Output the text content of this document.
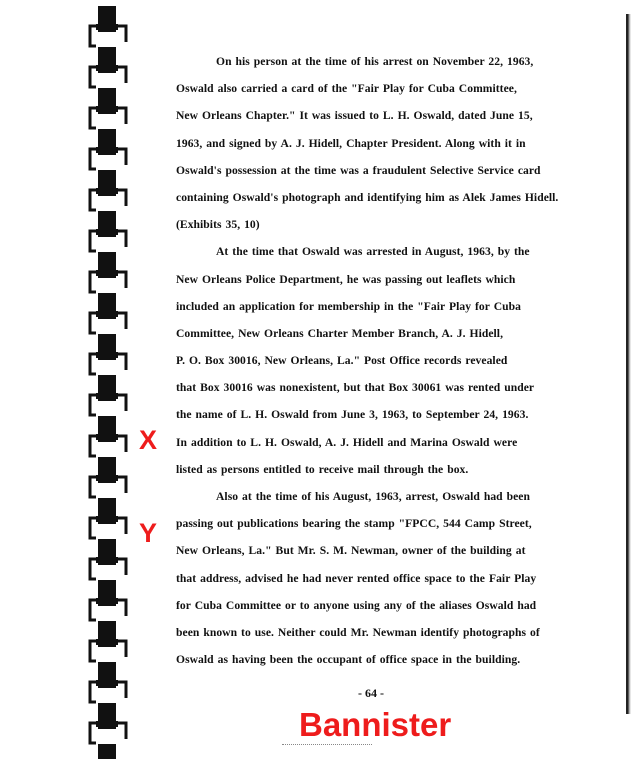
On his person at the time of his arrest on November 22, 1963,
Oswald also carried a card of the "Fair Play for Cuba Committee,
New Orleans Chapter." It was issued to L. H. Oswald, dated June 15,
1963, and signed by A. J. Hidell, Chapter President. Along with it in
Oswald's possession at the time was a fraudulent Selective Service card
containing Oswald's photograph and identifying him as Alek James Hidell.
(Exhibits 35, 10)

At the time that Oswald was arrested in August, 1963, by the
New Orleans Police Department, he was passing out leaflets which
included an application for membership in the "Fair Play for Cuba
Committee, New Orleans Charter Member Branch, A. J. Hidell,
P. O. Box 30016, New Orleans, La." Post Office records revealed
that Box 30016 was nonexistent, but that Box 30061 was rented under
the name of L. H. Oswald from June 3, 1963, to September 24, 1963.
In addition to L. H. Oswald, A. J. Hidell and Marina Oswald were
listed as persons entitled to receive mail through the box.

Also at the time of his August, 1963, arrest, Oswald had been
passing out publications bearing the stamp "FPCC, 544 Camp Street,
New Orleans, La." But Mr. S. M. Newman, owner of the building at
that address, advised he had never rented office space to the Fair Play
for Cuba Committee or to anyone using any of the aliases Oswald had
been known to use. Neither could Mr. Newman identify photographs of
Oswald as having been the occupant of office space in the building.

- 64 -
X
Y
Bannister
